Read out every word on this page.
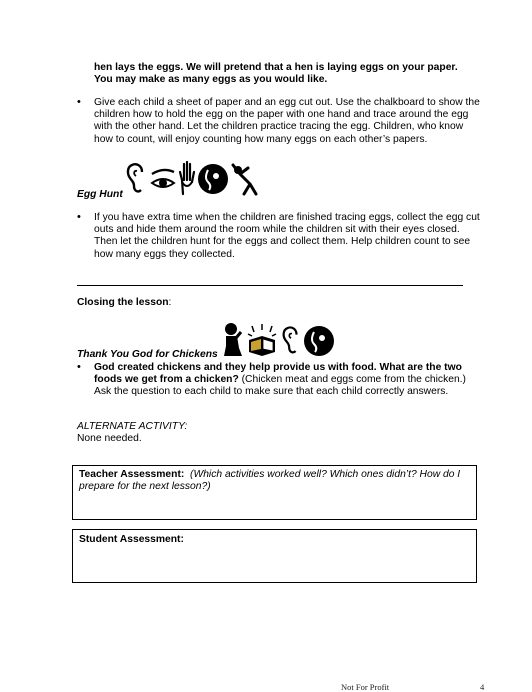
hen lays the eggs. We will pretend that a hen is laying eggs on your paper.

You may make as many eggs as you would like.

• Give each child a sheet of paper and an egg cut out. Use the chalkboard to show the

children how to hold the egg on the paper with one hand and trace around the egg

with the other hand. Let the children practice tracing the egg. Children, who know

how to count, will enjoy counting how many eggs on each other’s papers.

Egg Hunt
• If you have extra time when the children are finished tracing eggs, collect the egg cut

outs and hide them around the room while the children sit with their eyes closed.

Then let the children hunt for the eggs and collect them. Help children count to see

how many eggs they collected.

Closing the lesson:
Thank You God for Chickens
• God created chickens and they help provide us with food. What are the two

foods we get from a chicken? (Chicken meat and eggs come from the chicken.)

Ask the question to each child to make sure that each child correctly answers.

ALTERNATE ACTIVITY:
None needed.

Teacher Assessment: (Which activities worked well? Which ones didn’t? How do I

prepare for the next lesson?)

Student Assessment:
Not For Profit	4
